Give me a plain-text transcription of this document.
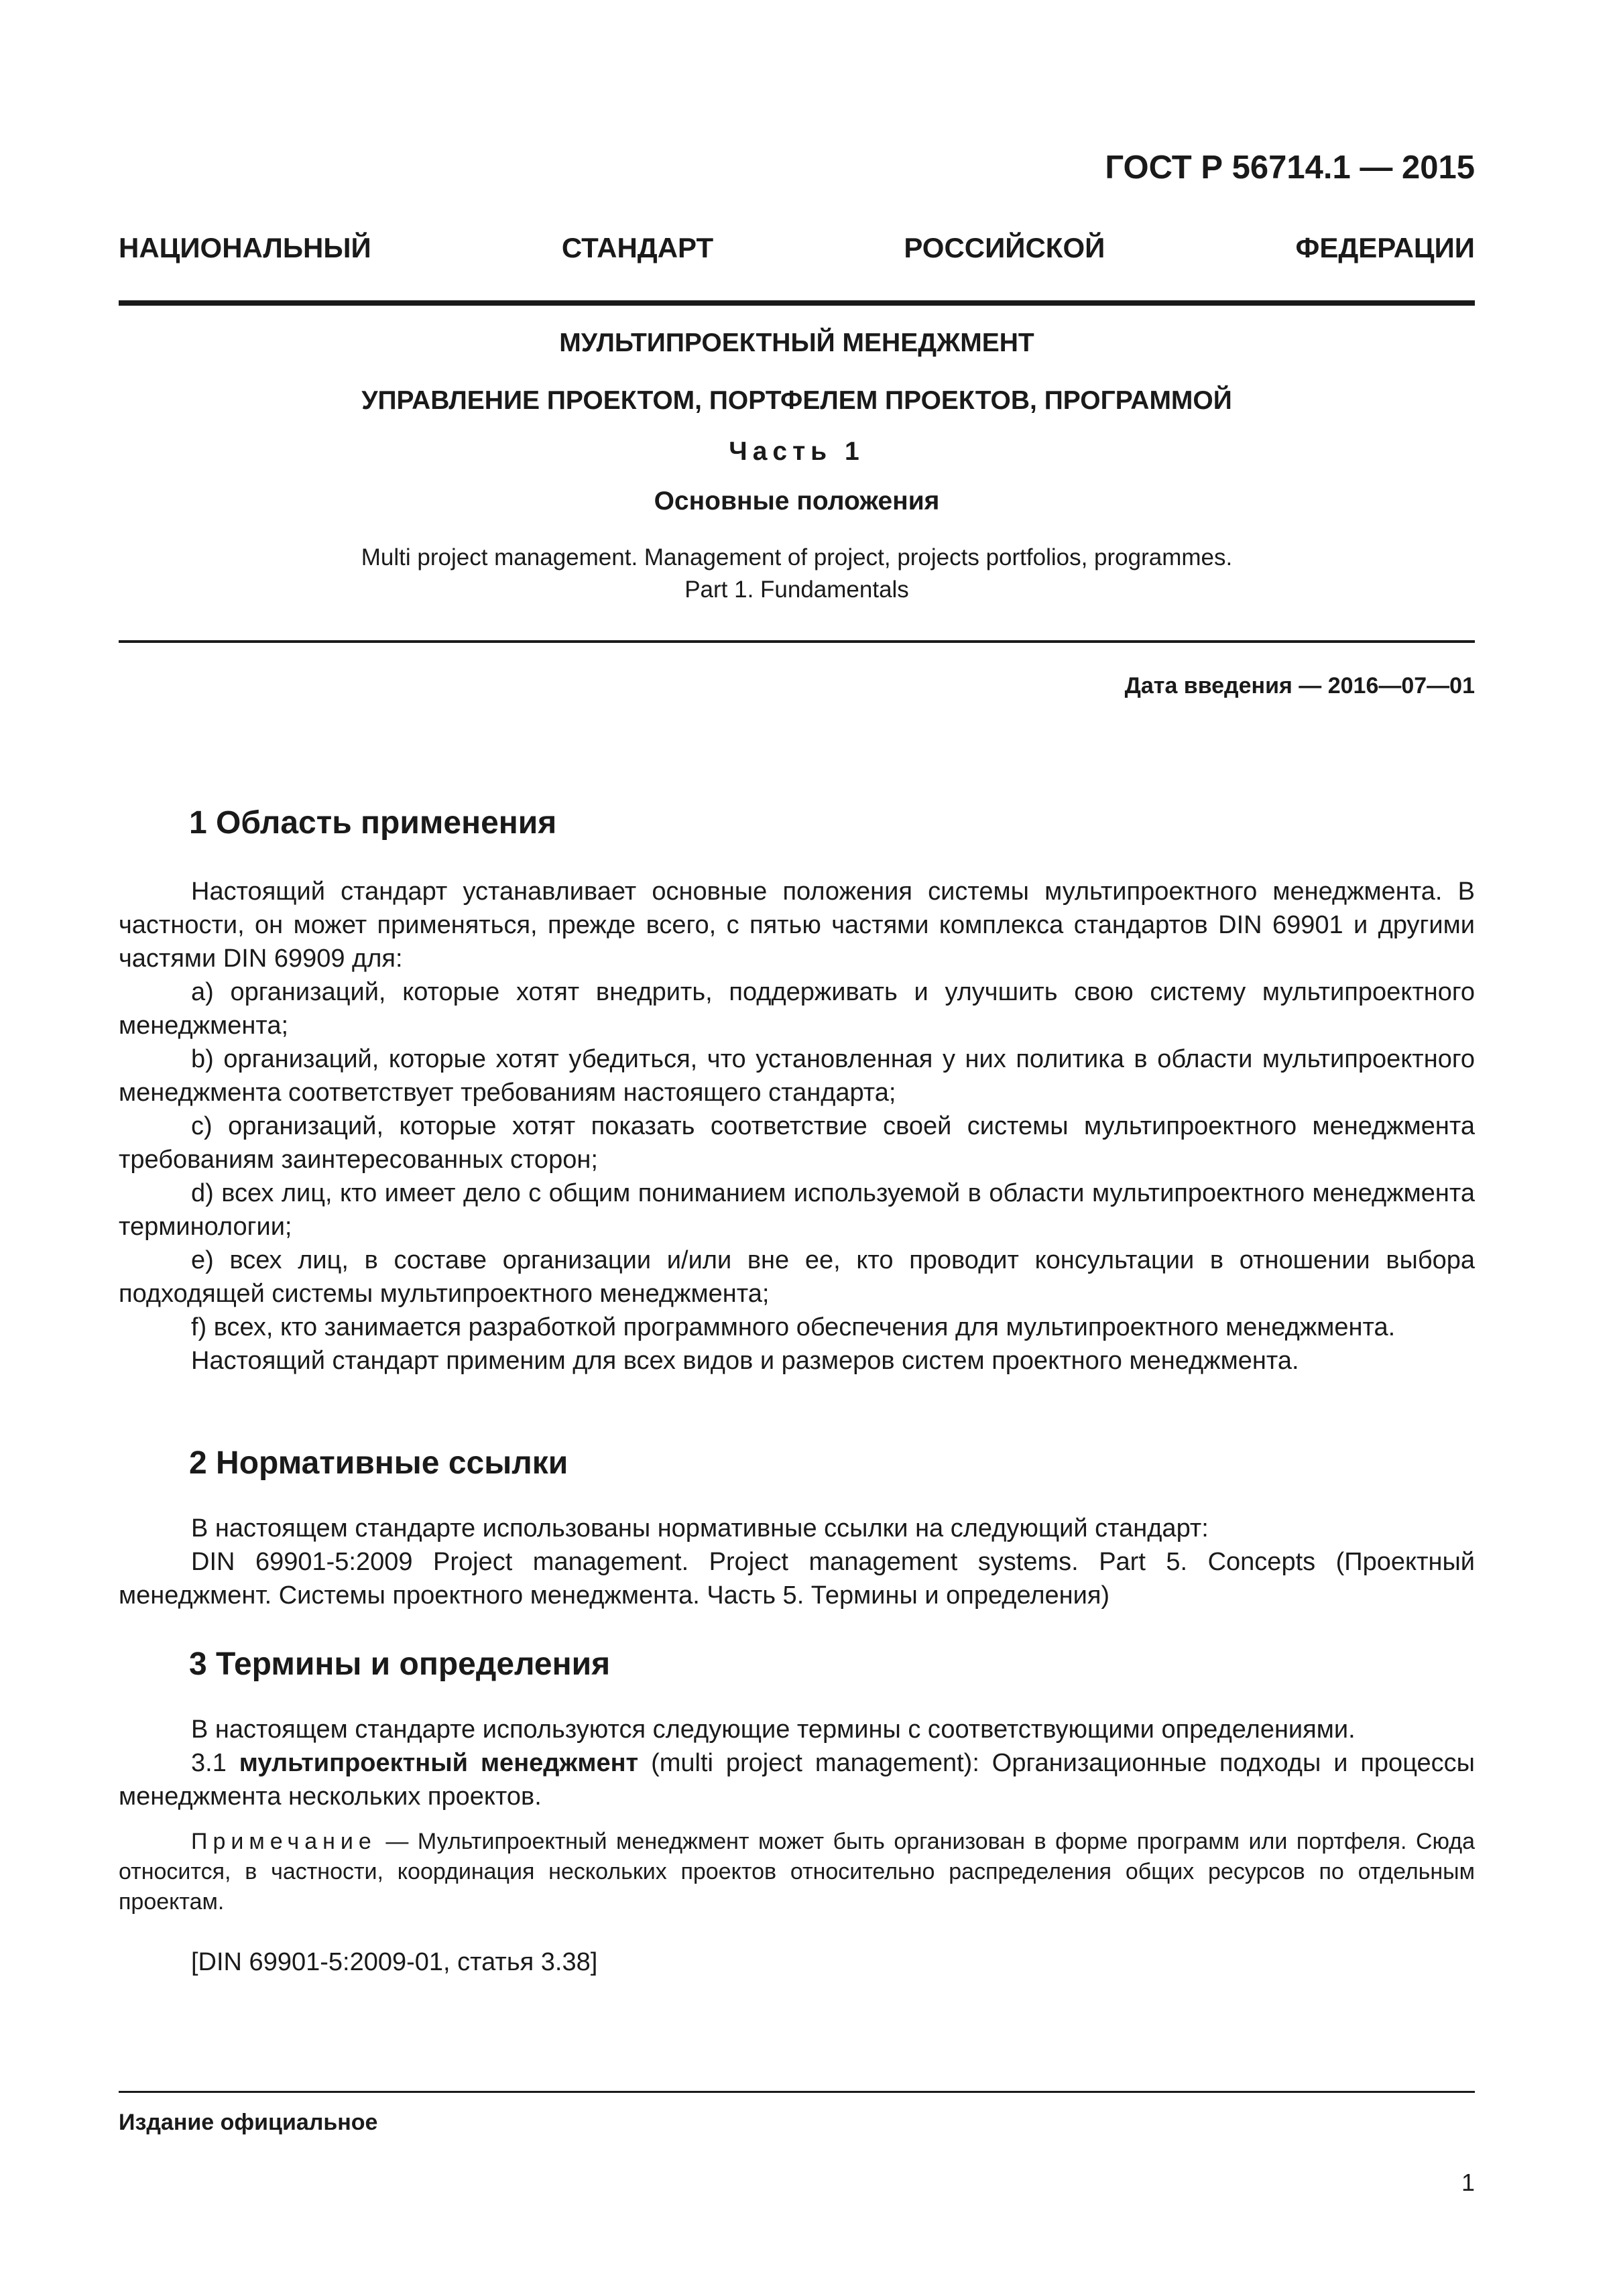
ГОСТ Р 56714.1 — 2015
НАЦИОНАЛЬНЫЙ	СТАНДАРТ	РОССИЙСКОЙ	ФЕДЕРАЦИИ
МУЛЬТИПРОЕКТНЫЙ МЕНЕДЖМЕНТ
УПРАВЛЕНИЕ ПРОЕКТОМ, ПОРТФЕЛЕМ ПРОЕКТОВ, ПРОГРАММОЙ
Часть 1
Основные положения
Multi project management. Management of project, projects portfolios, programmes.
Part 1. Fundamentals
Дата введения — 2016—07—01
1 Область применения

Настоящий стандарт устанавливает основные положения системы мультипроектного менеджмента. В частности, он может применяться, прежде всего, с пятью частями комплекса стандартов DIN 69901 и другими частями DIN 69909 для:

a) организаций, которые хотят внедрить, поддерживать и улучшить свою систему мультипроектного менеджмента;

b) организаций, которые хотят убедиться, что установленная у них политика в области мультипроектного менеджмента соответствует требованиям настоящего стандарта;

c) организаций, которые хотят показать соответствие своей системы мультипроектного менеджмента требованиям заинтересованных сторон;

d) всех лиц, кто имеет дело с общим пониманием используемой в области мультипроектного менеджмента терминологии;

e) всех лиц, в составе организации и/или вне ее, кто проводит консультации в отношении выбора подходящей системы мультипроектного менеджмента;

f) всех, кто занимается разработкой программного обеспечения для мультипроектного менеджмента.

Настоящий стандарт применим для всех видов и размеров систем проектного менеджмента.

2 Нормативные ссылки

В настоящем стандарте использованы нормативные ссылки на следующий стандарт:

DIN 69901-5:2009 Project management. Project management systems. Part 5. Concepts (Проектный менеджмент. Системы проектного менеджмента. Часть 5. Термины и определения)

3 Термины и определения

В настоящем стандарте используются следующие термины с соответствующими определениями.

3.1 мультипроектный менеджмент (multi project management): Организационные подходы и процессы менеджмента нескольких проектов.

Примечание — Мультипроектный менеджмент может быть организован в форме программ или портфеля. Сюда относится, в частности, координация нескольких проектов относительно распределения общих ресурсов по отдельным проектам.
[DIN 69901-5:2009-01, статья 3.38]
Издание официальное
1
